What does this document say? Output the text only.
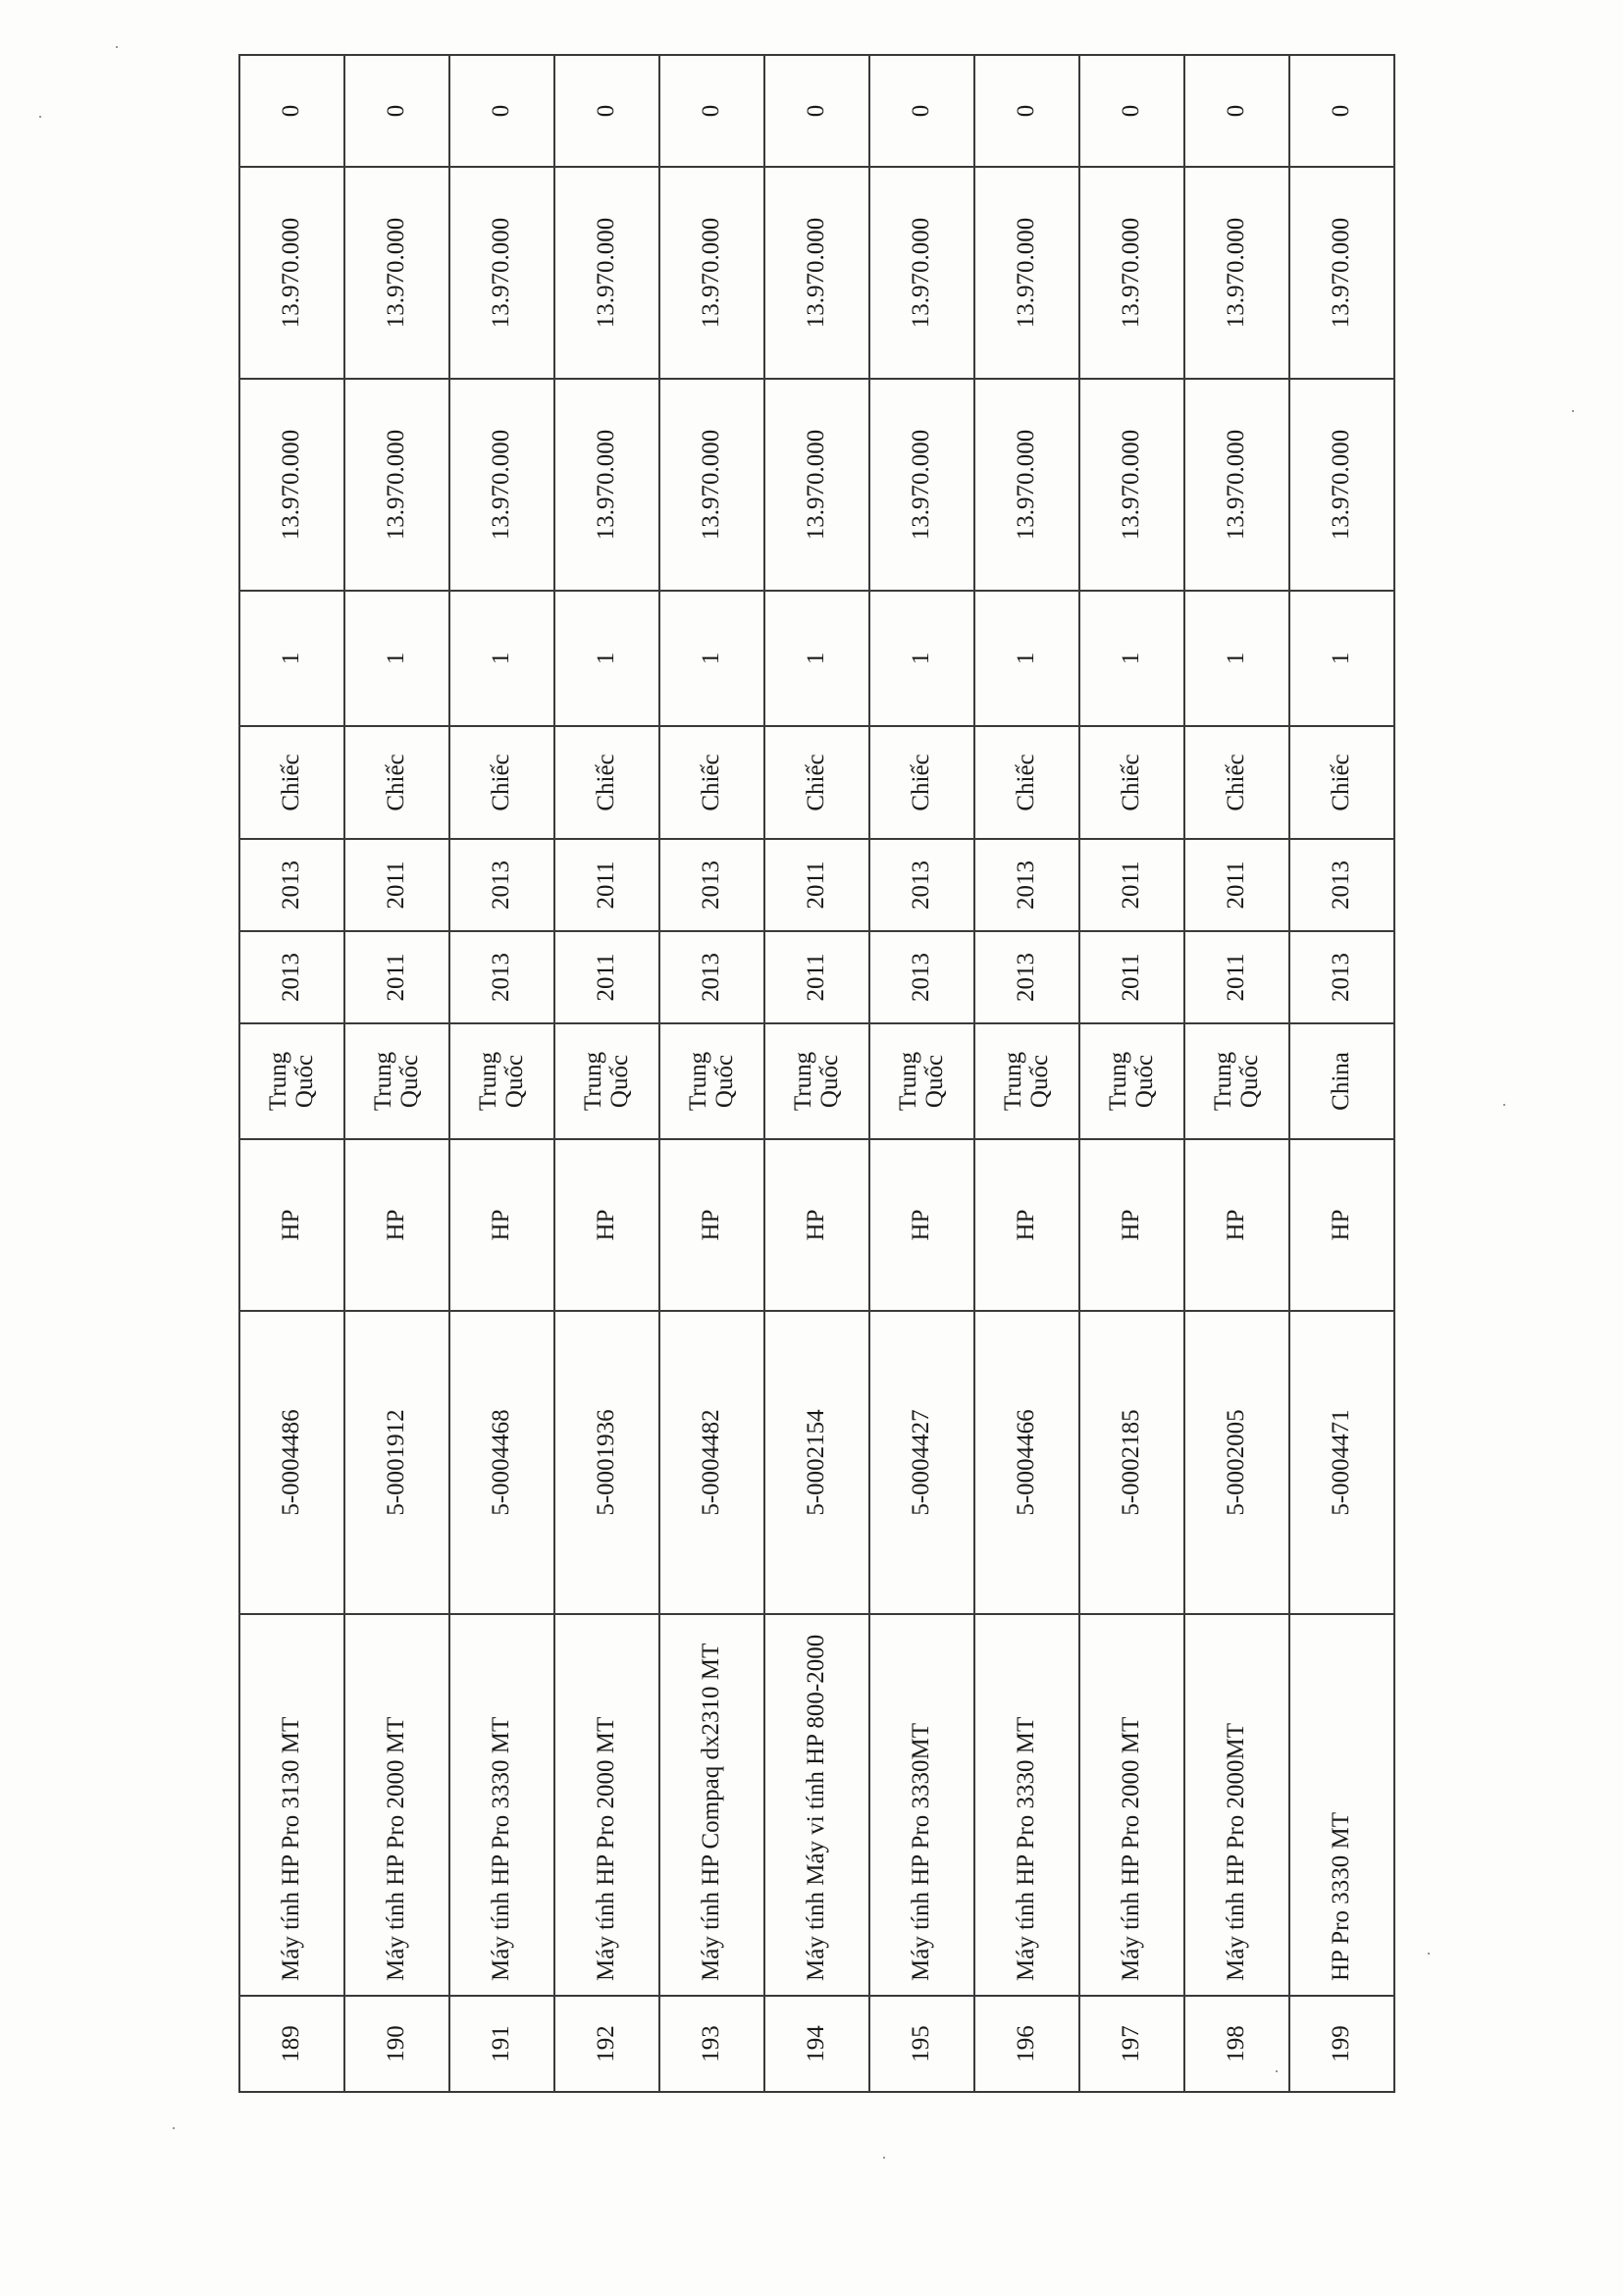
189	Máy tính HP Pro 3130 MT	5-0004486	HP	Trung Quốc	2013	2013	Chiếc	1	13.970.000	13.970.000	0
190	Máy tính HP Pro 2000 MT	5-0001912	HP	Trung Quốc	2011	2011	Chiếc	1	13.970.000	13.970.000	0
191	Máy tính HP Pro 3330 MT	5-0004468	HP	Trung Quốc	2013	2013	Chiếc	1	13.970.000	13.970.000	0
192	Máy tính HP Pro 2000 MT	5-0001936	HP	Trung Quốc	2011	2011	Chiếc	1	13.970.000	13.970.000	0
193	Máy tính HP Compaq dx2310 MT	5-0004482	HP	Trung Quốc	2013	2013	Chiếc	1	13.970.000	13.970.000	0
194	Máy tính Máy vi tính HP 800-2000	5-0002154	HP	Trung Quốc	2011	2011	Chiếc	1	13.970.000	13.970.000	0
195	Máy tính HP Pro 3330MT	5-0004427	HP	Trung Quốc	2013	2013	Chiếc	1	13.970.000	13.970.000	0
196	Máy tính HP Pro 3330 MT	5-0004466	HP	Trung Quốc	2013	2013	Chiếc	1	13.970.000	13.970.000	0
197	Máy tính HP Pro 2000 MT	5-0002185	HP	Trung Quốc	2011	2011	Chiếc	1	13.970.000	13.970.000	0
198	Máy tính HP Pro 2000MT	5-0002005	HP	Trung Quốc	2011	2011	Chiếc	1	13.970.000	13.970.000	0
199	HP Pro 3330 MT	5-0004471	HP	China	2013	2013	Chiếc	1	13.970.000	13.970.000	0
